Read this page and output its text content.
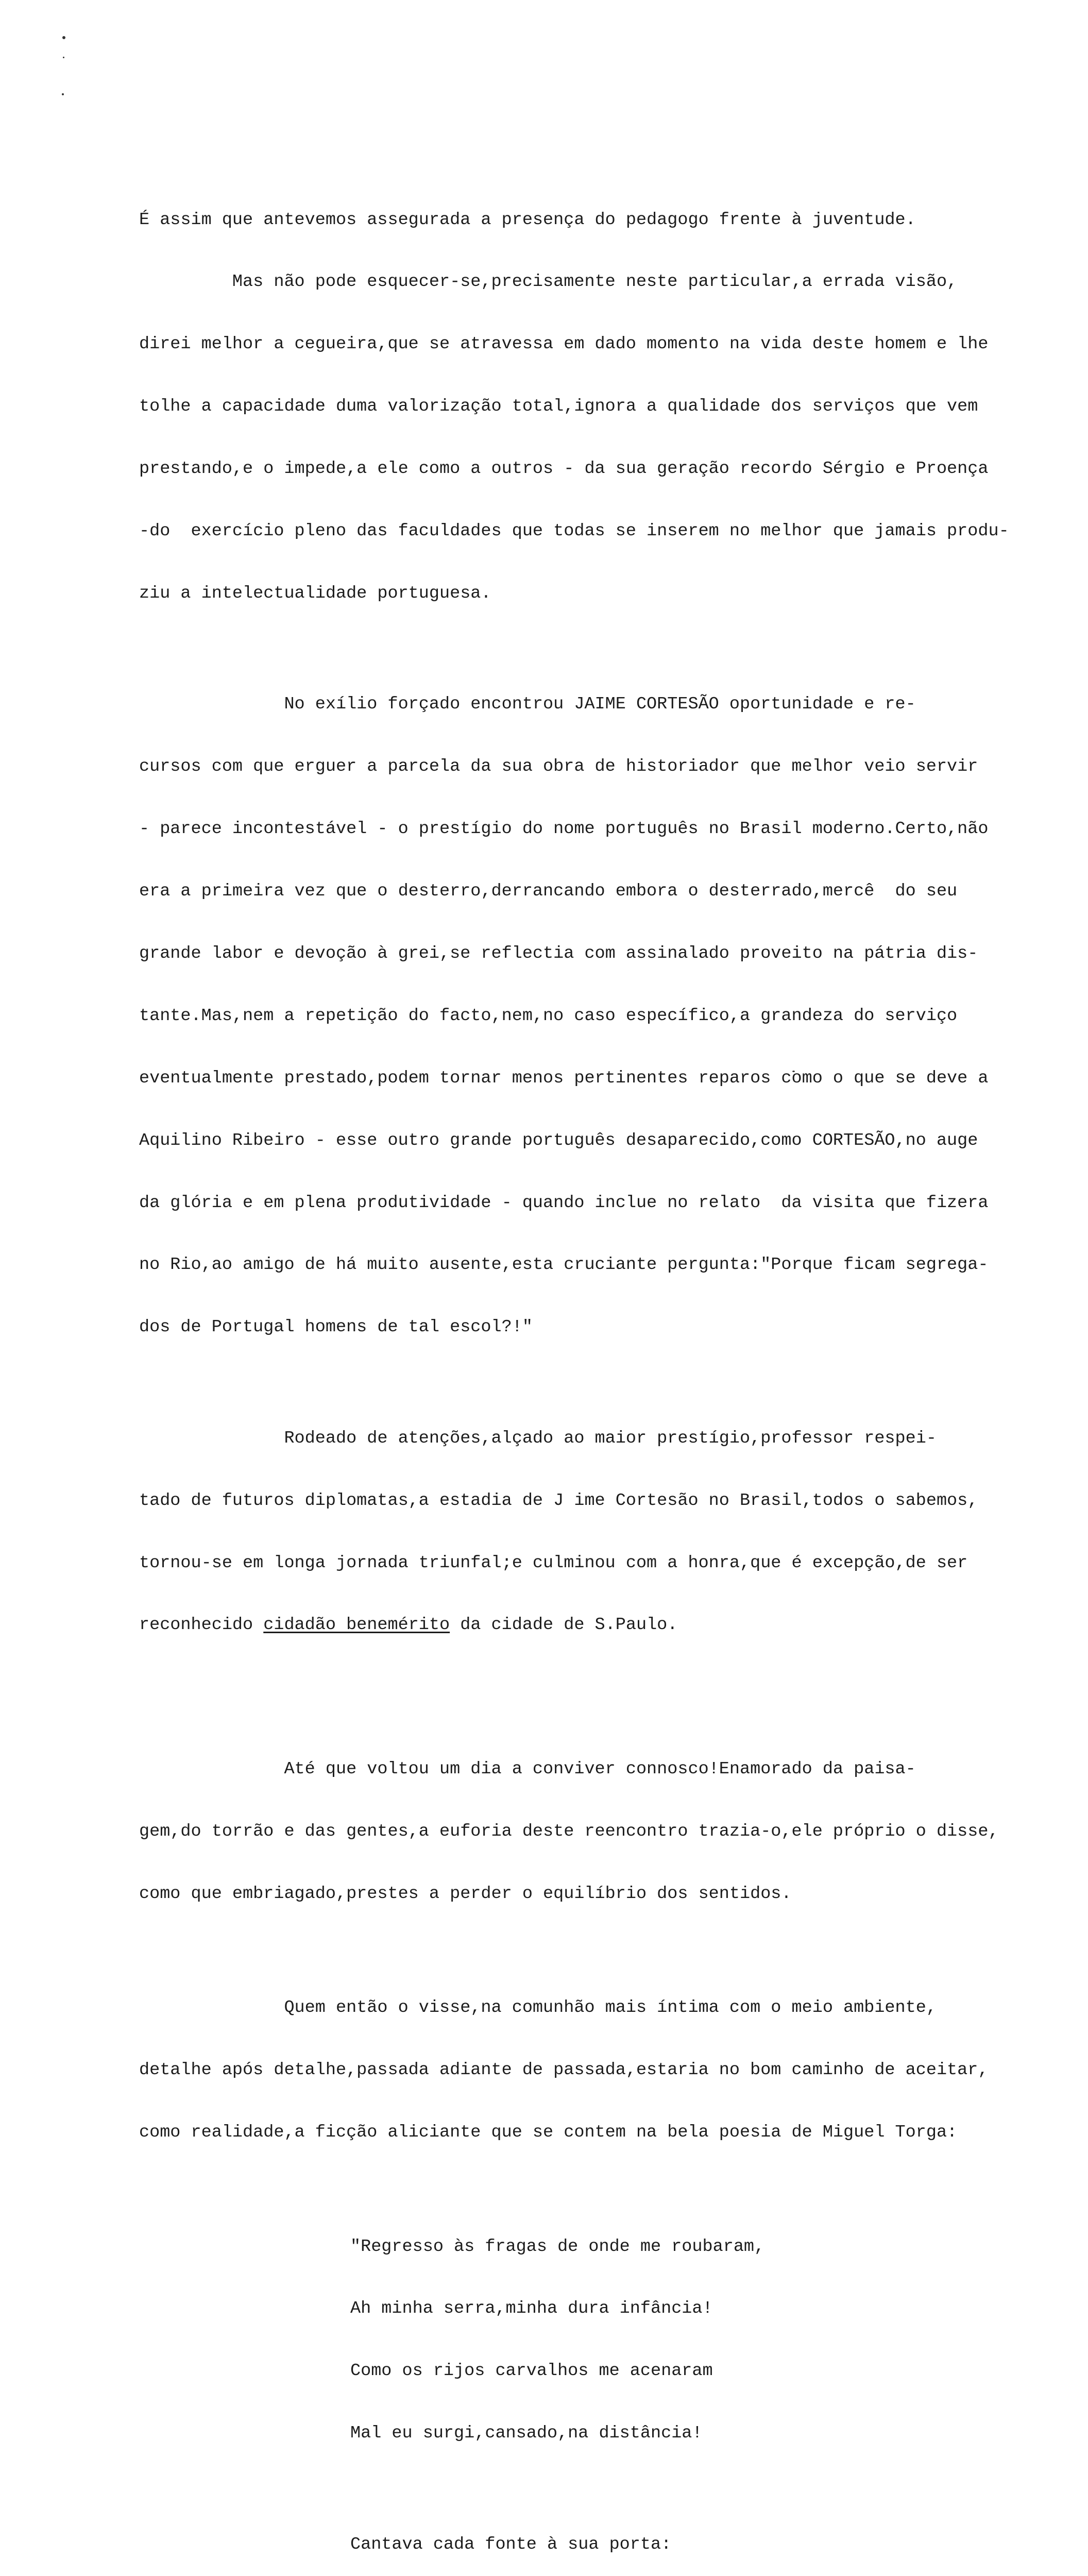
É assim que antevemos assegurada a presença do pedagogo frente à juventude.

Mas não pode esquecer-se,precisamente neste particular,a errada visão,

direi melhor a cegueira,que se atravessa em dado momento na vida deste homem e lhe

tolhe a capacidade duma valorização total,ignora a qualidade dos serviços que vem

prestando,e o impede,a ele como a outros - da sua geração recordo Sérgio e Proença

-do  exercício pleno das faculdades que todas se inserem no melhor que jamais produ-

ziu a intelectualidade portuguesa.

No exílio forçado encontrou JAIME CORTESÃO oportunidade e re-

cursos com que erguer a parcela da sua obra de historiador que melhor veio servir

- parece incontestável - o prestígio do nome português no Brasil moderno.Certo,não

era a primeira vez que o desterro,derrancando embora o desterrado,mercê  do seu

grande labor e devoção à grei,se reflectia com assinalado proveito na pátria dis-

tante.Mas,nem a repetição do facto,nem,no caso específico,a grandeza do serviço

eventualmente prestado,podem tornar menos pertinentes reparos como o que se deve a

Aquilino Ribeiro - esse outro grande português desaparecido,como CORTESÃO,no auge

da glória e em plena produtividade - quando inclue no relato  da visita que fizera

no Rio,ao amigo de há muito ausente,esta cruciante pergunta:"Porque ficam segrega-

dos de Portugal homens de tal escol?!"

Rodeado de atenções,alçado ao maior prestígio,professor respei-

tado de futuros diplomatas,a estadia de J ime Cortesão no Brasil,todos o sabemos,

tornou-se em longa jornada triunfal;e culminou com a honra,que é excepção,de ser

reconhecido cidadão benemérito da cidade de S.Paulo.

Até que voltou um dia a conviver connosco!Enamorado da paisa-

gem,do torrão e das gentes,a euforia deste reencontro trazia-o,ele próprio o disse,

como que embriagado,prestes a perder o equilíbrio dos sentidos.

Quem então o visse,na comunhão mais íntima com o meio ambiente,

detalhe após detalhe,passada adiante de passada,estaria no bom caminho de aceitar,

como realidade,a ficção aliciante que se contem na bela poesia de Miguel Torga:

"Regresso às fragas de onde me roubaram,

Ah minha serra,minha dura infância!

Como os rijos carvalhos me acenaram

Mal eu surgi,cansado,na distância!

Cantava cada fonte à sua porta:
